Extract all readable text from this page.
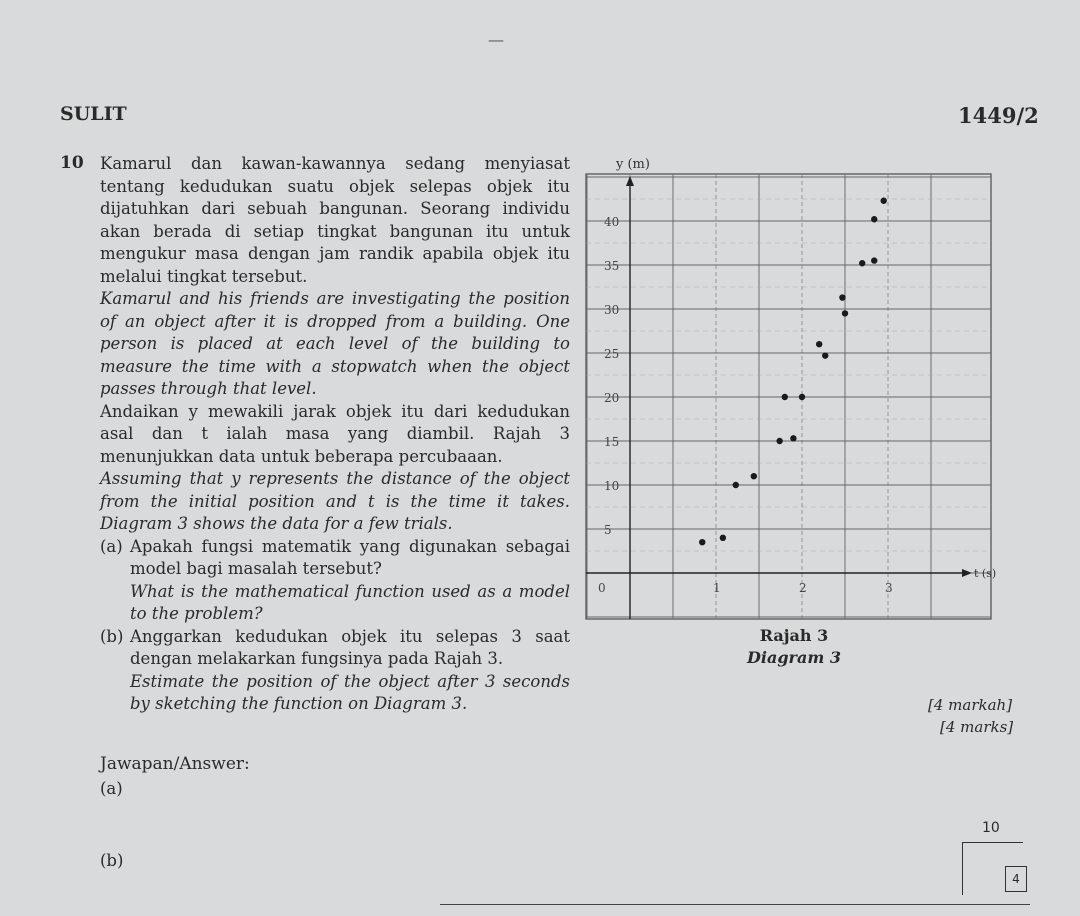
—
SULIT	1449/2
10 Kamarul dan kawan-kawannya sedang menyiasat tentang kedudukan suatu objek selepas objek itu dijatuhkan dari sebuah bangunan. Seorang individu akan berada di setiap tingkat bangunan itu untuk mengukur masa dengan jam randik apabila objek itu melalui tingkat tersebut.
Kamarul and his friends are investigating the position of an object after it is dropped from a building. One person is placed at each level of the building to measure the time with a stopwatch when the object passes through that level.
Andaikan y mewakili jarak objek itu dari kedudukan asal dan t ialah masa yang diambil. Rajah 3 menunjukkan data untuk beberapa percubaaan.
Assuming that y represents the distance of the object from the initial position and t is the time it takes. Diagram 3 shows the data for a few trials.
(a) Apakah fungsi matematik yang digunakan sebagai model bagi masalah tersebut?
What is the mathematical function used as a model to the problem?
(b) Anggarkan kedudukan objek itu selepas 3 saat dengan melakarkan fungsinya pada Rajah 3.
Estimate the position of the object after 3 seconds by sketching the function on Diagram 3.
y (m)
t (s)
0	1	2	3
5
10
15
20
25
30
35
40
Rajah 3
Diagram 3
[4 markah]
[4 marks]
Jawapan/Answer:
(a)
(b)
10
4
